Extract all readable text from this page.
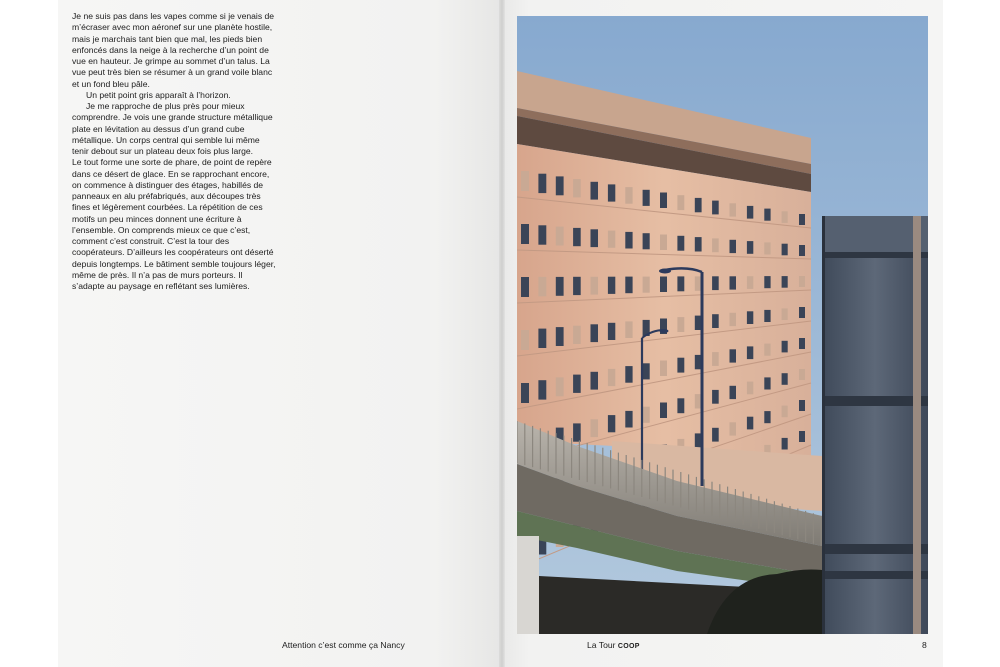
Je ne suis pas dans les vapes comme si je venais de m’écraser avec mon aéronef sur une planète hostile, mais je marchais tant bien que mal, les pieds bien enfoncés dans la neige à la recherche d’un point de vue en hauteur. Je grimpe au sommet d’un talus. La vue peut très bien se résumer à un grand voile blanc et un fond bleu pâle.

Un petit point gris apparaît à l’horizon.

Je me rapproche de plus près pour mieux comprendre. Je vois une grande structure métallique plate en lévitation au dessus d’un grand cube métallique. Un corps central qui semble lui même tenir debout sur un plateau deux fois plus large.

Le tout forme une sorte de phare, de point de repère dans ce désert de glace. En se rapprochant encore, on commence à distinguer des étages, habillés de panneaux en alu préfabriqués, aux découpes très fines et légèrement courbées. La répétition de ces motifs un peu minces donnent une écriture à l’ensemble. On comprends mieux ce que c’est, comment c’est construit. C’est la tour des coopérateurs. D’ailleurs les coopérateurs ont déserté depuis longtemps. Le bâtiment semble toujours léger, même de près. Il n’a pas de murs porteurs. Il s’adapte au paysage en reflétant ses lumières.

Attention c’est comme ça Nancy	La Tour COOP	8
